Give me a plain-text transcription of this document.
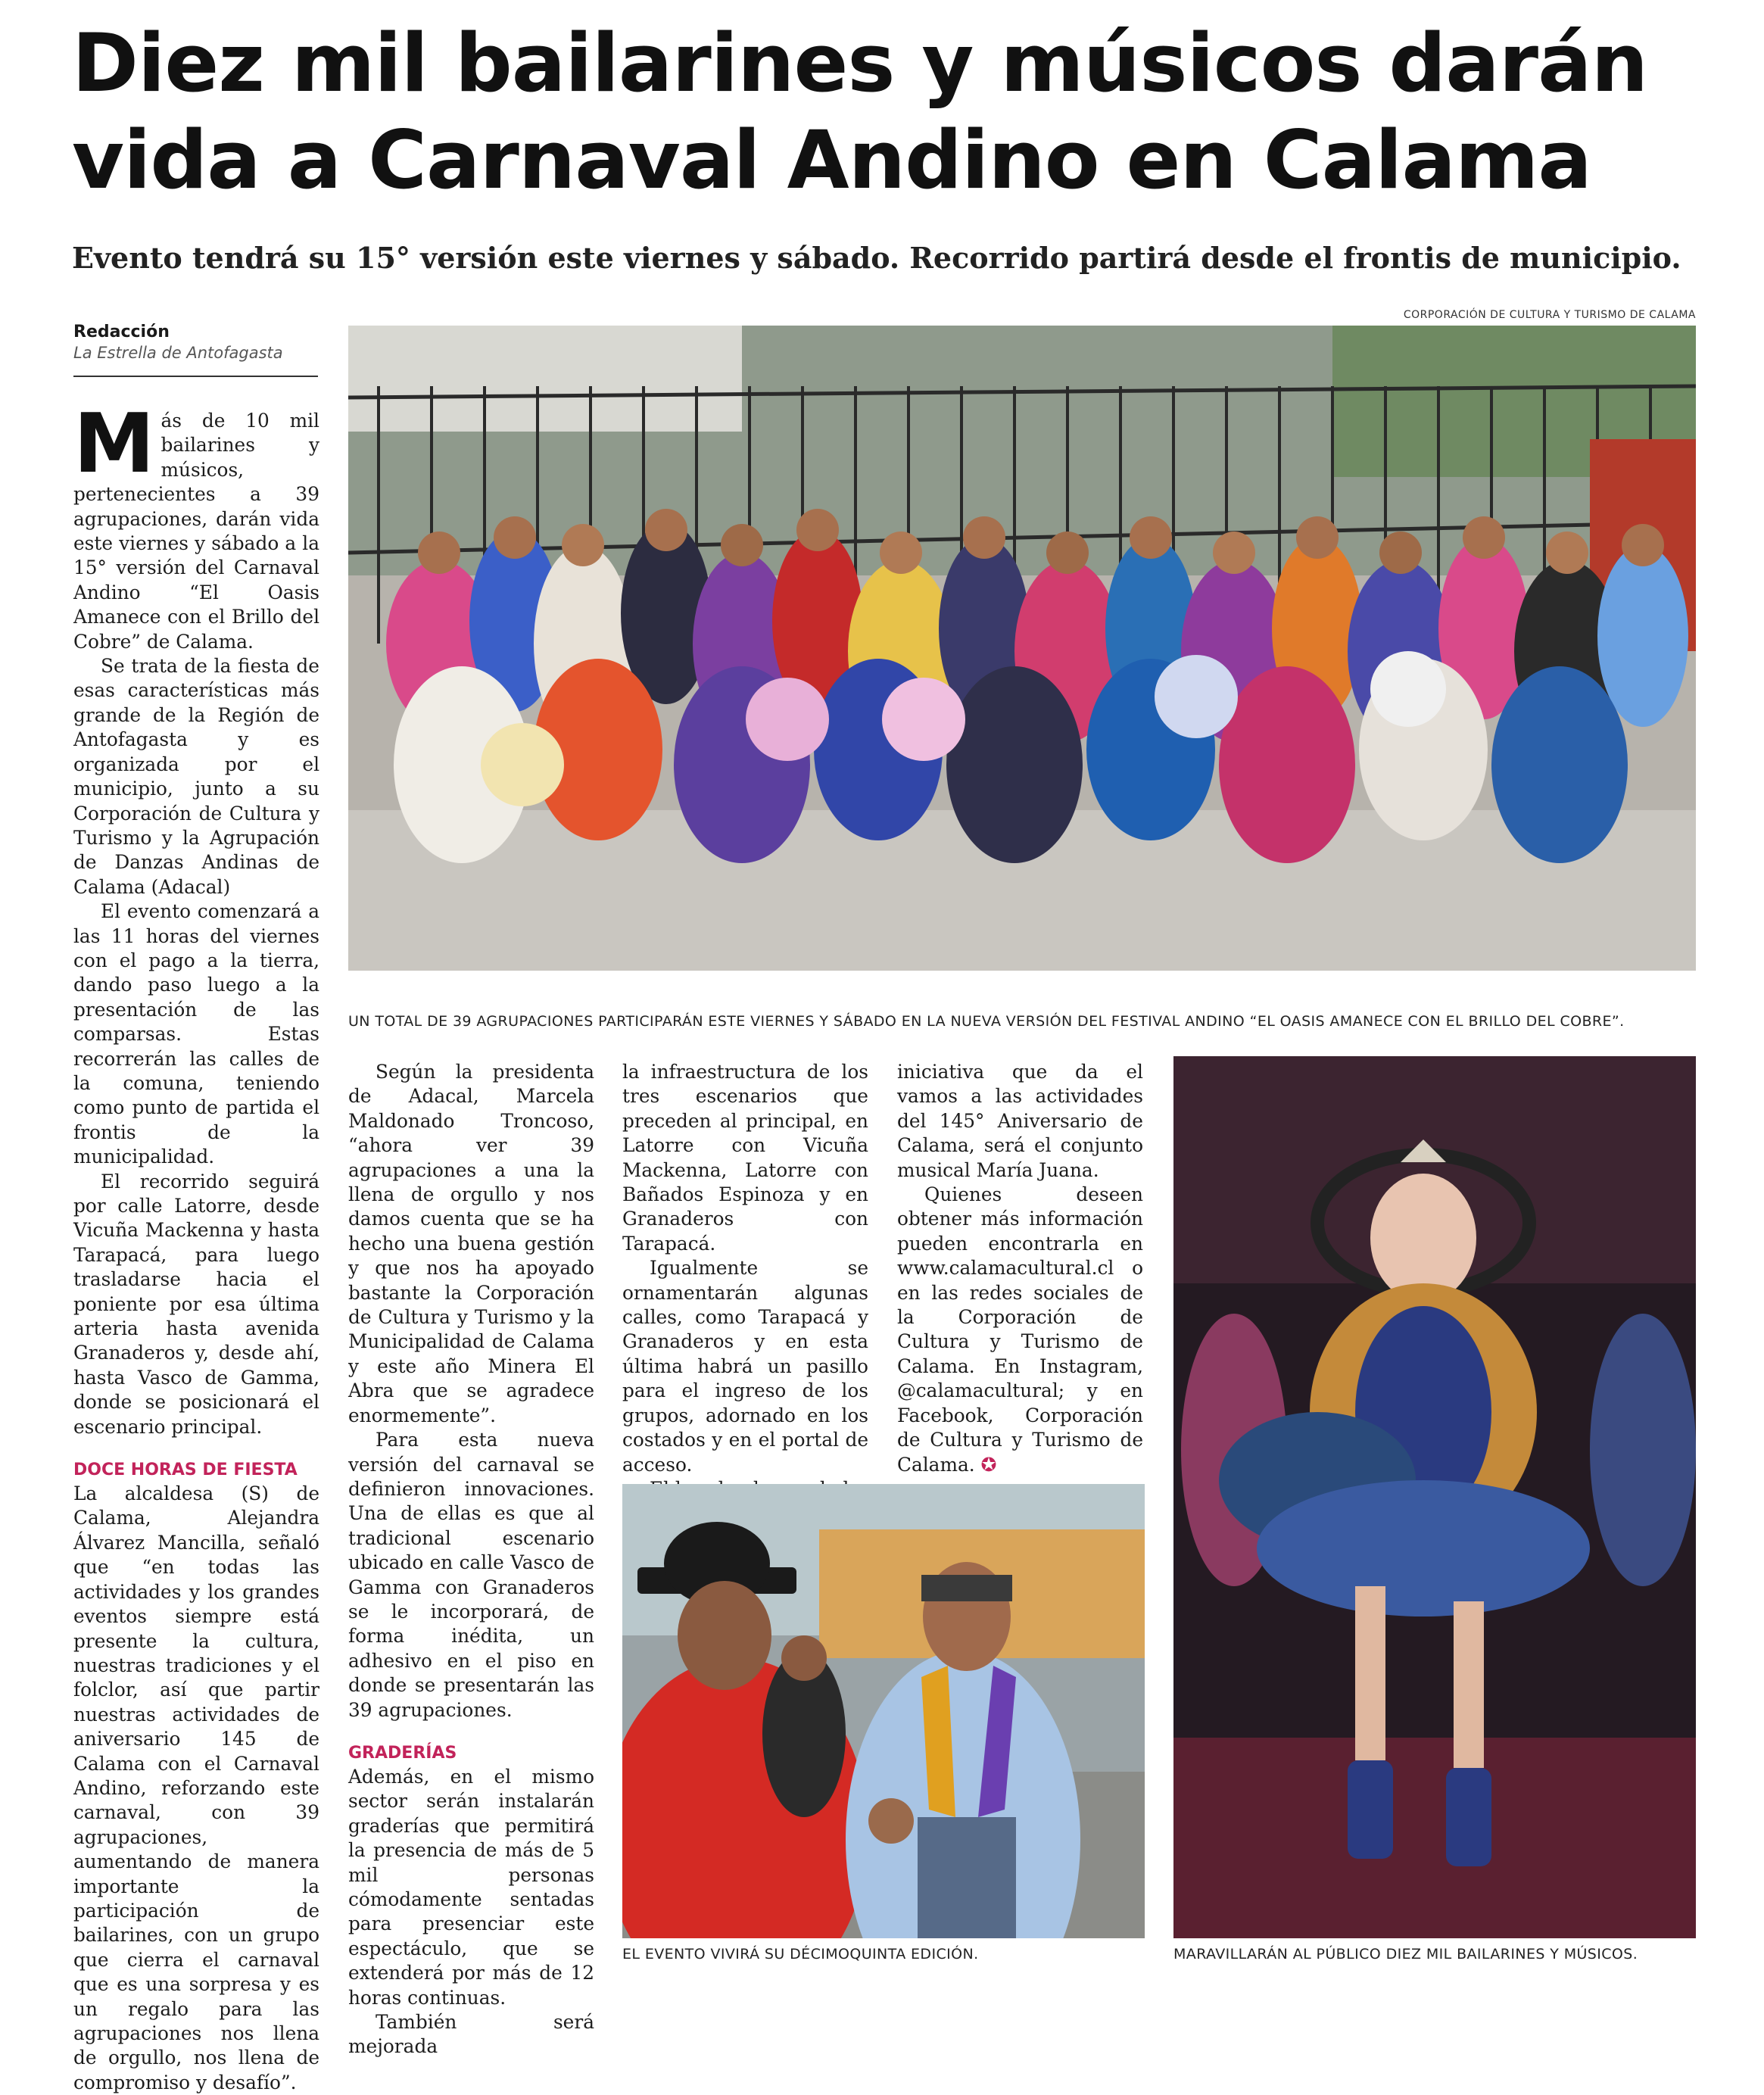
Diez mil bailarines y músicos darán
vida a Carnaval Andino en Calama
Evento tendrá su 15° versión este viernes y sábado. Recorrido partirá desde el frontis de municipio.
Redacción
La Estrella de Antofagasta
CORPORACIÓN DE CULTURA Y TURISMO DE CALAMA
UN TOTAL DE 39 AGRUPACIONES PARTICIPARÁN ESTE VIERNES Y SÁBADO EN LA NUEVA VERSIÓN DEL FESTIVAL ANDINO “EL OASIS AMANECE CON EL BRILLO DEL COBRE”.

Más de 10 mil bailarines y músicos, pertenecientes a 39 agrupaciones, darán vida este viernes y sábado a la 15° versión del Carnaval Andino “El Oasis Amanece con el Brillo del Cobre” de Calama.

Se trata de la fiesta de esas características más grande de la Región de Antofagasta y es organizada por el municipio, junto a su Corporación de Cultura y Turismo y la Agrupación de Danzas Andinas de Calama (Adacal)

El evento comenzará a las 11 horas del viernes con el pago a la tierra, dando paso luego a la presentación de las comparsas. Estas recorrerán las calles de la comuna, teniendo como punto de partida el frontis de la municipalidad.

El recorrido seguirá por calle Latorre, desde Vicuña Mackenna y hasta Tarapacá, para luego trasladarse hacia el poniente por esa última arteria hasta avenida Granaderos y, desde ahí, hasta Vasco de Gamma, donde se posicionará el escenario principal.

DOCE HORAS DE FIESTA

La alcaldesa (S) de Calama, Alejandra Álvarez Mancilla, señaló que “en todas las actividades y los grandes eventos siempre está presente la cultura, nuestras tradiciones y el folclor, así que partir nuestras actividades de aniversario 145 de Calama con el Carnaval Andino, reforzando este carnaval, con 39 agrupaciones, aumentando de manera importante la participación de bailarines, con un grupo que cierra el carnaval que es una sorpresa y es un regalo para las agrupaciones nos llena de orgullo, nos llena de compromiso y desafío”.

Según la presidenta de Adacal, Marcela Maldonado Troncoso, “ahora ver 39 agrupaciones a una la llena de orgullo y nos damos cuenta que se ha hecho una buena gestión y que nos ha apoyado bastante la Corporación de Cultura y Turismo y la Municipalidad de Calama y este año Minera El Abra que se agradece enormemente”.

Para esta nueva versión del carnaval se definieron innovaciones. Una de ellas es que al tradicional escenario ubicado en calle Vasco de Gamma con Granaderos se le incorporará, de forma inédita, un adhesivo en el piso en donde se presentarán las 39 agrupaciones.

GRADERÍAS

Además, en el mismo sector serán instalarán graderías que permitirá la presencia de más de 5 mil personas cómodamente sentadas para presenciar este espectáculo, que se extenderá por más de 12 horas continuas.

También será mejorada

la infraestructura de los tres escenarios que preceden al principal, en Latorre con Vicuña Mackenna, Latorre con Bañados Espinoza y en Granaderos con Tarapacá.

Igualmente se ornamentarán algunas calles, como Tarapacá y Granaderos y en esta última habrá un pasillo para el ingreso de los grupos, adornado en los costados y en el portal de acceso.

iniciativa que da el vamos a las actividades del 145° Aniversario de Calama, será el conjunto musical María Juana.

Quienes deseen obtener más información pueden encontrarla en www.calamacultural.cl o en las redes sociales de la Corporación de Cultura y Turismo de Calama. En Instagram, @calamacultural; y en Facebook, Corporación de Cultura y Turismo de Calama. ✪

EL EVENTO VIVIRÁ SU DÉCIMOQUINTA EDICIÓN.	MARAVILLARÁN AL PÚBLICO DIEZ MIL BAILARINES Y MÚSICOS.
